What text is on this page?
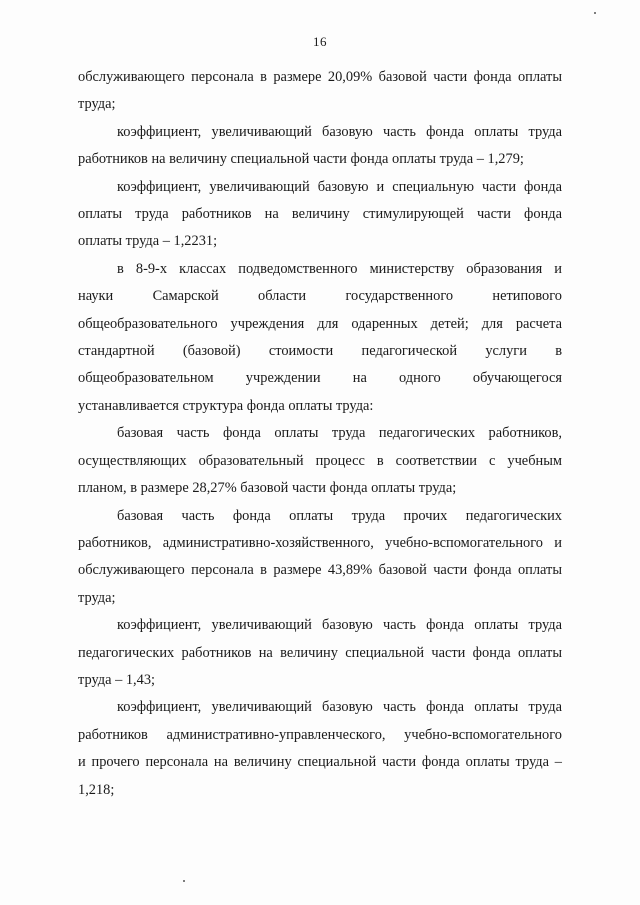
16
обслуживающего персонала в размере 20,09% базовой части фонда оплаты
труда;
коэффициент, увеличивающий базовую часть фонда оплаты труда
работников на величину специальной части фонда оплаты труда – 1,279;
коэффициент, увеличивающий базовую и специальную части фонда
оплаты труда работников на величину стимулирующей части фонда
оплаты труда – 1,2231;
в 8-9-х классах подведомственного министерству образования и
науки Самарской области государственного нетипового
общеобразовательного учреждения для одаренных детей; для расчета
стандартной (базовой) стоимости педагогической услуги в
общеобразовательном учреждении на одного обучающегося
устанавливается структура фонда оплаты труда:
базовая часть фонда оплаты труда педагогических работников,
осуществляющих образовательный процесс в соответствии с учебным
планом, в размере 28,27% базовой части фонда оплаты труда;
базовая часть фонда оплаты труда прочих педагогических
работников, административно-хозяйственного, учебно-вспомогательного и
обслуживающего персонала в размере 43,89% базовой части фонда оплаты
труда;
коэффициент, увеличивающий базовую часть фонда оплаты труда
педагогических работников на величину специальной части фонда оплаты
труда – 1,43;
коэффициент, увеличивающий базовую часть фонда оплаты труда
работников административно-управленческого, учебно-вспомогательного
и прочего персонала на величину специальной части фонда оплаты труда –
1,218;
